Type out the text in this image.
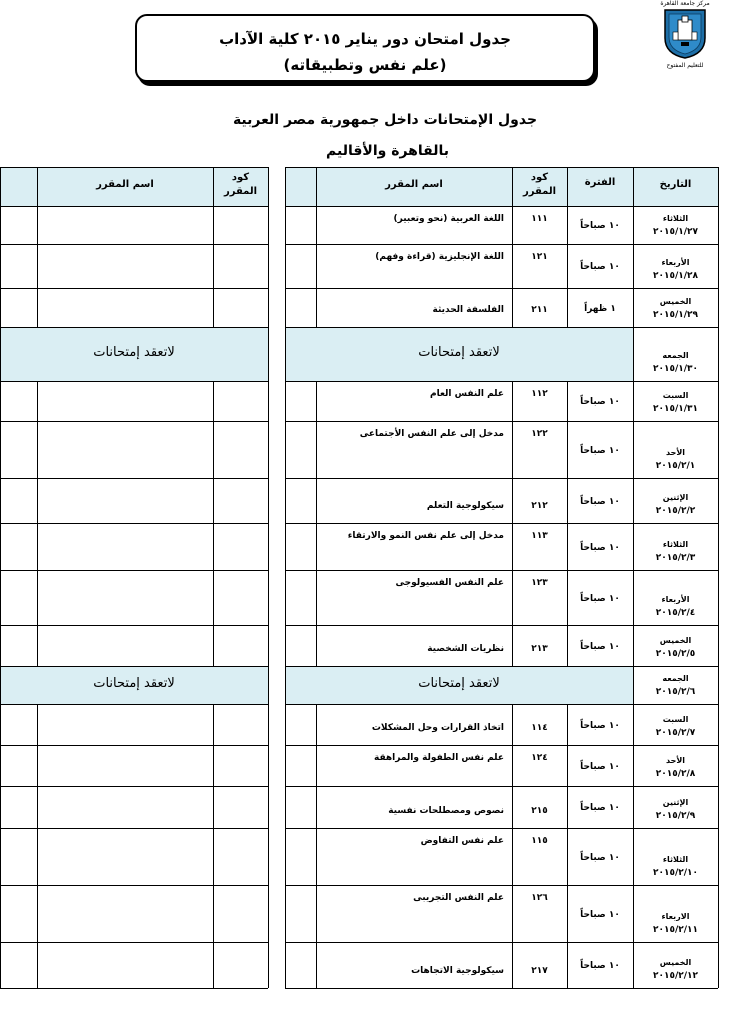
مركز جامعة القاهرة
للتعليم المفتوح
جدول امتحان دور يناير ٢٠١٥ كلية الآداب
(علم نفس وتطبيقاته)
جدول الإمتحانات داخل جمهورية مصر العربية
بالقاهرة والأقاليم
التاريخ
الفترة
كود المقرر
اسم المقرر
كود المقرر
اسم المقرر
الثلاثاء
٢٠١٥/١/٢٧
١٠ صباحاً
١١١
اللغة العربية (نحو وتعبير)
الأربعاء
٢٠١٥/١/٢٨
١٠ صباحاً
١٢١
اللغة الإنجليزية (قراءة وفهم)
الخميس
٢٠١٥/١/٢٩
١ ظهراً
٢١١
الفلسفة الحديثة
الجمعه
٢٠١٥/١/٣٠
لاتعقد إمتحانات
لاتعقد إمتحانات
السبت
٢٠١٥/١/٣١
١٠ صباحاً
١١٢
علم النفس العام
الأحد
٢٠١٥/٢/١
١٠ صباحاً
١٢٢
مدخل إلى علم النفس الأجتماعى
الإثنين
٢٠١٥/٢/٢
١٠ صباحاً
٢١٢
سيكولوجية التعلم
الثلاثاء
٢٠١٥/٢/٣
١٠ صباحاً
١١٣
مدخل إلى علم نفس النمو والارتقاء
الأربعاء
٢٠١٥/٢/٤
١٠ صباحاً
١٢٣
علم النفس الفسيولوجى
الخميس
٢٠١٥/٢/٥
١٠ صباحاً
٢١٣
نظريات الشخصية
الجمعه
٢٠١٥/٢/٦
لاتعقد إمتحانات
لاتعقد إمتحانات
السبت
٢٠١٥/٢/٧
١٠ صباحاً
١١٤
اتخاذ القرارات وحل المشكلات
الأحد
٢٠١٥/٢/٨
١٠ صباحاً
١٢٤
علم نفس الطفولة والمراهقة
الإثنين
٢٠١٥/٢/٩
١٠ صباحاً
٢١٥
نصوص ومصطلحات نفسية
الثلاثاء
٢٠١٥/٢/١٠
١٠ صباحاً
١١٥
علم نفس التفاوض
الاربعاء
٢٠١٥/٢/١١
١٠ صباحاً
١٢٦
علم النفس التجريبى
الخميس
٢٠١٥/٢/١٢
١٠ صباحاً
٢١٧
سيكولوجية الاتجاهات
